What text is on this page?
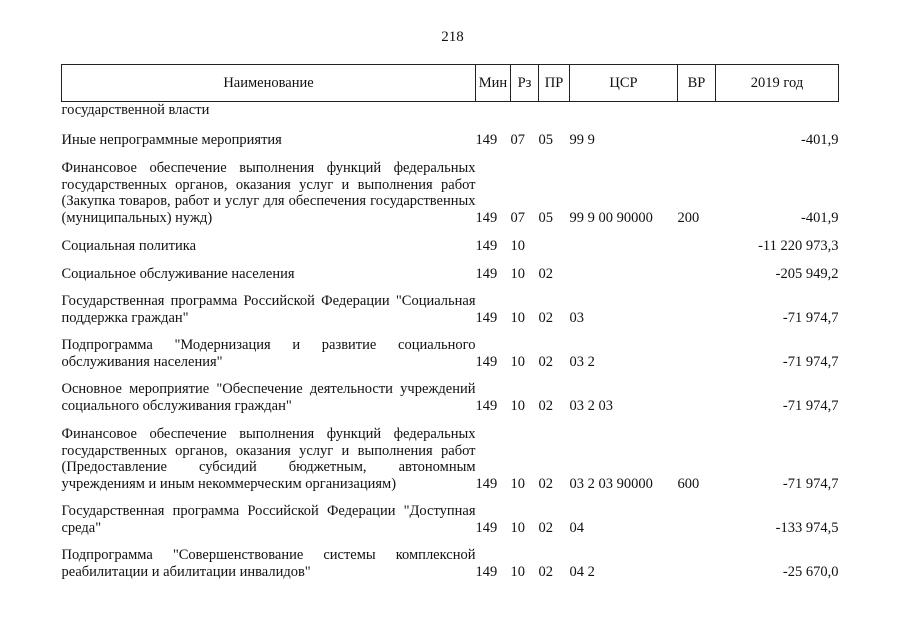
218
Наименование	Мин	Рз	ПР	ЦСР	ВР	2019 год
государственной власти						
Иные непрограммные мероприятия	149	07	05	99 9		-401,9
Финансовое обеспечение выполнения функций федеральных государственных органов, оказания услуг и выполнения работ (Закупка товаров, работ и услуг для обеспечения государственных (муниципальных) нужд)	149	07	05	99 9 00 90000	200	-401,9
Социальная политика	149	10				-11 220 973,3
Социальное обслуживание населения	149	10	02			-205 949,2
Государственная программа Российской Федерации "Социальная поддержка граждан"	149	10	02	03		-71 974,7
Подпрограмма "Модернизация и развитие социального обслуживания населения"	149	10	02	03 2		-71 974,7
Основное мероприятие "Обеспечение деятельности учреждений социального обслуживания граждан"	149	10	02	03 2 03		-71 974,7
Финансовое обеспечение выполнения функций федеральных государственных органов, оказания услуг и выполнения работ (Предоставление субсидий бюджетным, автономным учреждениям и иным некоммерческим организациям)	149	10	02	03 2 03 90000	600	-71 974,7
Государственная программа Российской Федерации "Доступная среда"	149	10	02	04		-133 974,5
Подпрограмма "Совершенствование системы комплексной реабилитации и абилитации инвалидов"	149	10	02	04 2		-25 670,0
